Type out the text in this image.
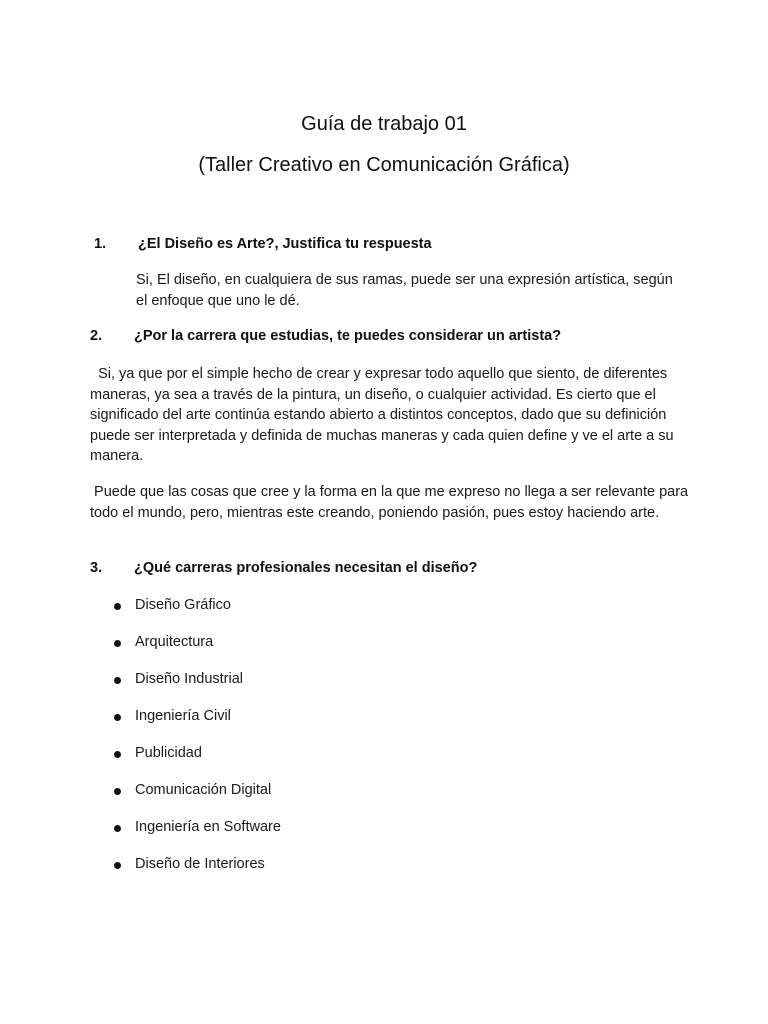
Guía de trabajo 01
(Taller Creativo en Comunicación Gráfica)
1. ¿El Diseño es Arte?, Justifica tu respuesta
Si, El diseño, en cualquiera de sus ramas, puede ser una expresión artística, según el enfoque que uno le dé.
2. ¿Por la carrera que estudias, te puedes considerar un artista?
Si, ya que por el simple hecho de crear y expresar todo aquello que siento, de diferentes maneras, ya sea a través de la pintura, un diseño, o cualquier actividad. Es cierto que el significado del arte continúa estando abierto a distintos conceptos, dado que su definición puede ser interpretada y definida de muchas maneras y cada quien define y ve el arte a su manera.
Puede que las cosas que cree y la forma en la que me expreso no llega a ser relevante para todo el mundo, pero, mientras este creando, poniendo pasión, pues estoy haciendo arte.
3. ¿Qué carreras profesionales necesitan el diseño?
Diseño Gráfico
Arquitectura
Diseño Industrial
Ingeniería Civil
Publicidad
Comunicación Digital
Ingeniería en Software
Diseño de Interiores
